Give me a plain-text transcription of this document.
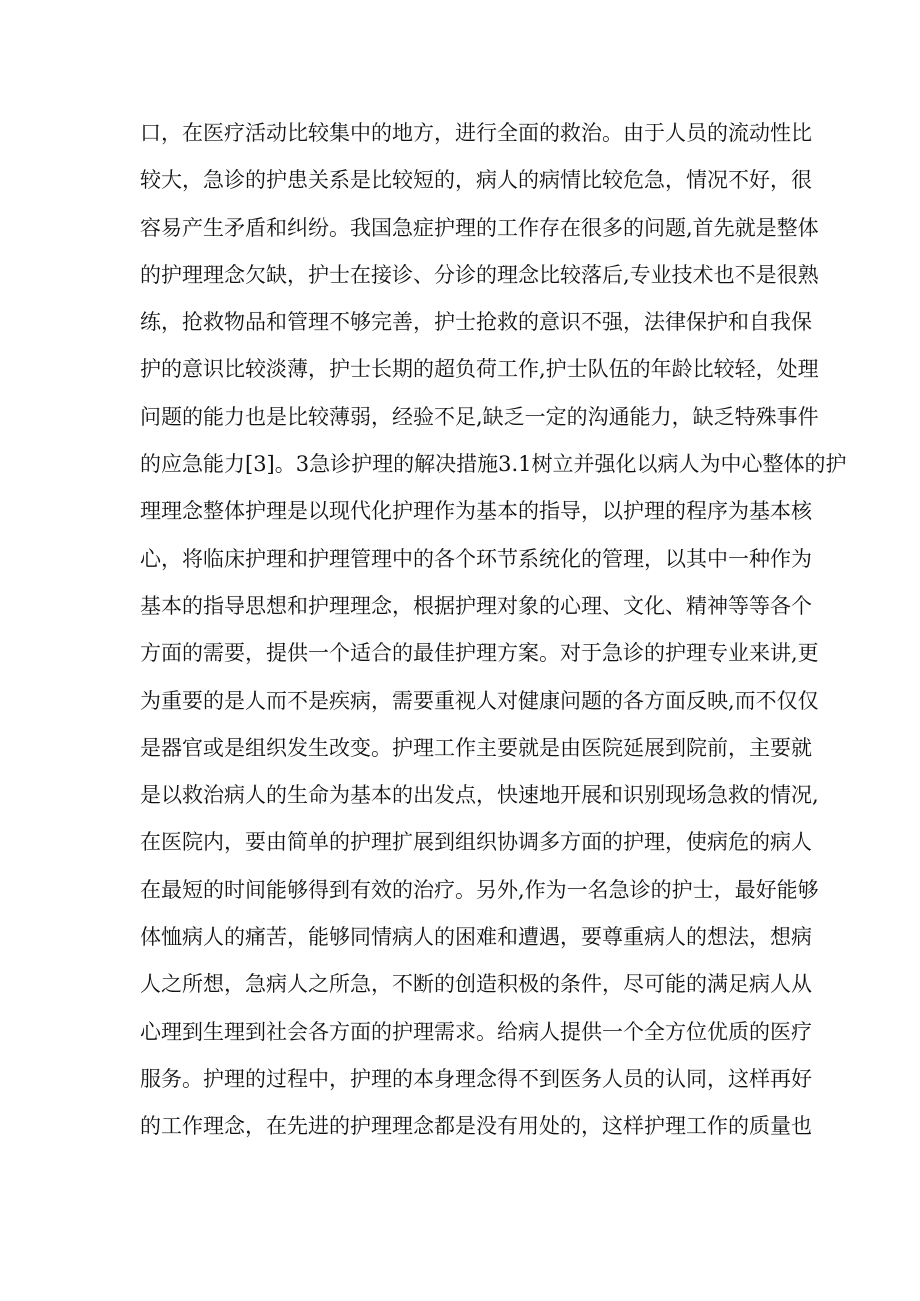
口，在医疗活动比较集中的地方，进行全面的救治。由于人员的流动性比
较大，急诊的护患关系是比较短的，病人的病情比较危急，情况不好，很
容易产生矛盾和纠纷。我国急症护理的工作存在很多的问题,首先就是整体
的护理理念欠缺，护士在接诊、分诊的理念比较落后,专业技术也不是很熟
练，抢救物品和管理不够完善，护士抢救的意识不强，法律保护和自我保
护的意识比较淡薄，护士长期的超负荷工作,护士队伍的年龄比较轻，处理
问题的能力也是比较薄弱，经验不足,缺乏一定的沟通能力，缺乏特殊事件
的应急能力[3]。3急诊护理的解决措施3.1树立并强化以病人为中心整体的护
理理念整体护理是以现代化护理作为基本的指导，以护理的程序为基本核
心，将临床护理和护理管理中的各个环节系统化的管理，以其中一种作为
基本的指导思想和护理理念，根据护理对象的心理、文化、精神等等各个
方面的需要，提供一个适合的最佳护理方案。对于急诊的护理专业来讲,更
为重要的是人而不是疾病，需要重视人对健康问题的各方面反映,而不仅仅
是器官或是组织发生改变。护理工作主要就是由医院延展到院前，主要就
是以救治病人的生命为基本的出发点，快速地开展和识别现场急救的情况,
在医院内，要由简单的护理扩展到组织协调多方面的护理，使病危的病人
在最短的时间能够得到有效的治疗。另外,作为一名急诊的护士，最好能够
体恤病人的痛苦，能够同情病人的困难和遭遇，要尊重病人的想法，想病
人之所想，急病人之所急，不断的创造积极的条件，尽可能的满足病人从
心理到生理到社会各方面的护理需求。给病人提供一个全方位优质的医疗
服务。护理的过程中，护理的本身理念得不到医务人员的认同，这样再好
的工作理念，在先进的护理理念都是没有用处的，这样护理工作的质量也
